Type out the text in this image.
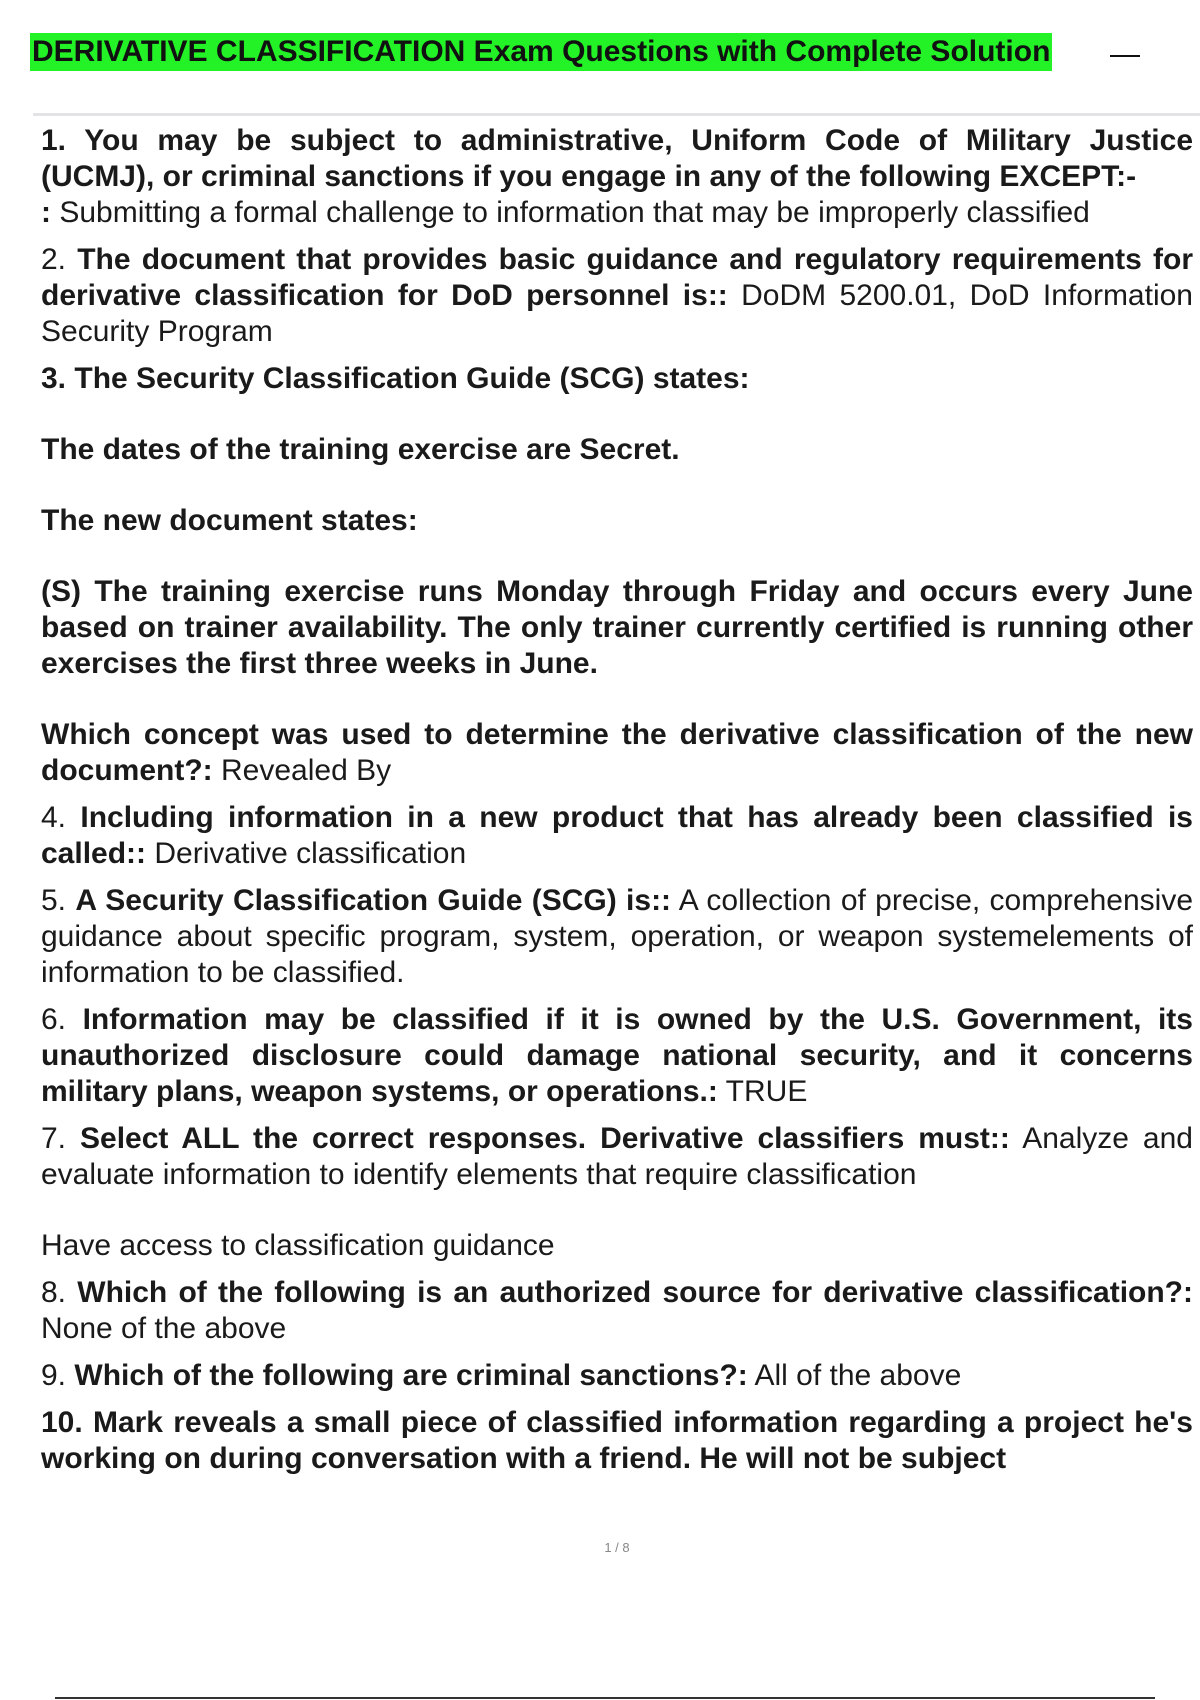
DERIVATIVE CLASSIFICATION Exam Questions with Complete Solution
1. You may be subject to administrative, Uniform Code of Military Justice (UCMJ), or criminal sanctions if you engage in any of the following EXCEPT:-
: Submitting a formal challenge to information that may be improperly classified
2. The document that provides basic guidance and regulatory requirements for derivative classification for DoD personnel is:: DoDM 5200.01, DoD Information Security Program

3. The Security Classification Guide (SCG) states:

The dates of the training exercise are Secret.

The new document states:

(S) The training exercise runs Monday through Friday and occurs every June based on trainer availability. The only trainer currently certified is running other exercises the first three weeks in June.

Which concept was used to determine the derivative classification of the new document?: Revealed By

4. Including information in a new product that has already been classified is called:: Derivative classification
5. A Security Classification Guide (SCG) is:: A collection of precise, comprehensive guidance about specific program, system, operation, or weapon systemelements of information to be classified.
6. Information may be classified if it is owned by the U.S. Government, its unauthorized disclosure could damage national security, and it concerns military plans, weapon systems, or operations.: TRUE

7. Select ALL the correct responses. Derivative classifiers must:: Analyze and evaluate information to identify elements that require classification

Have access to classification guidance

8. Which of the following is an authorized source for derivative classification?: None of the above
9. Which of the following are criminal sanctions?: All of the above
10. Mark reveals a small piece of classified information regarding a project he's working on during conversation with a friend. He will not be subject
1 / 8
